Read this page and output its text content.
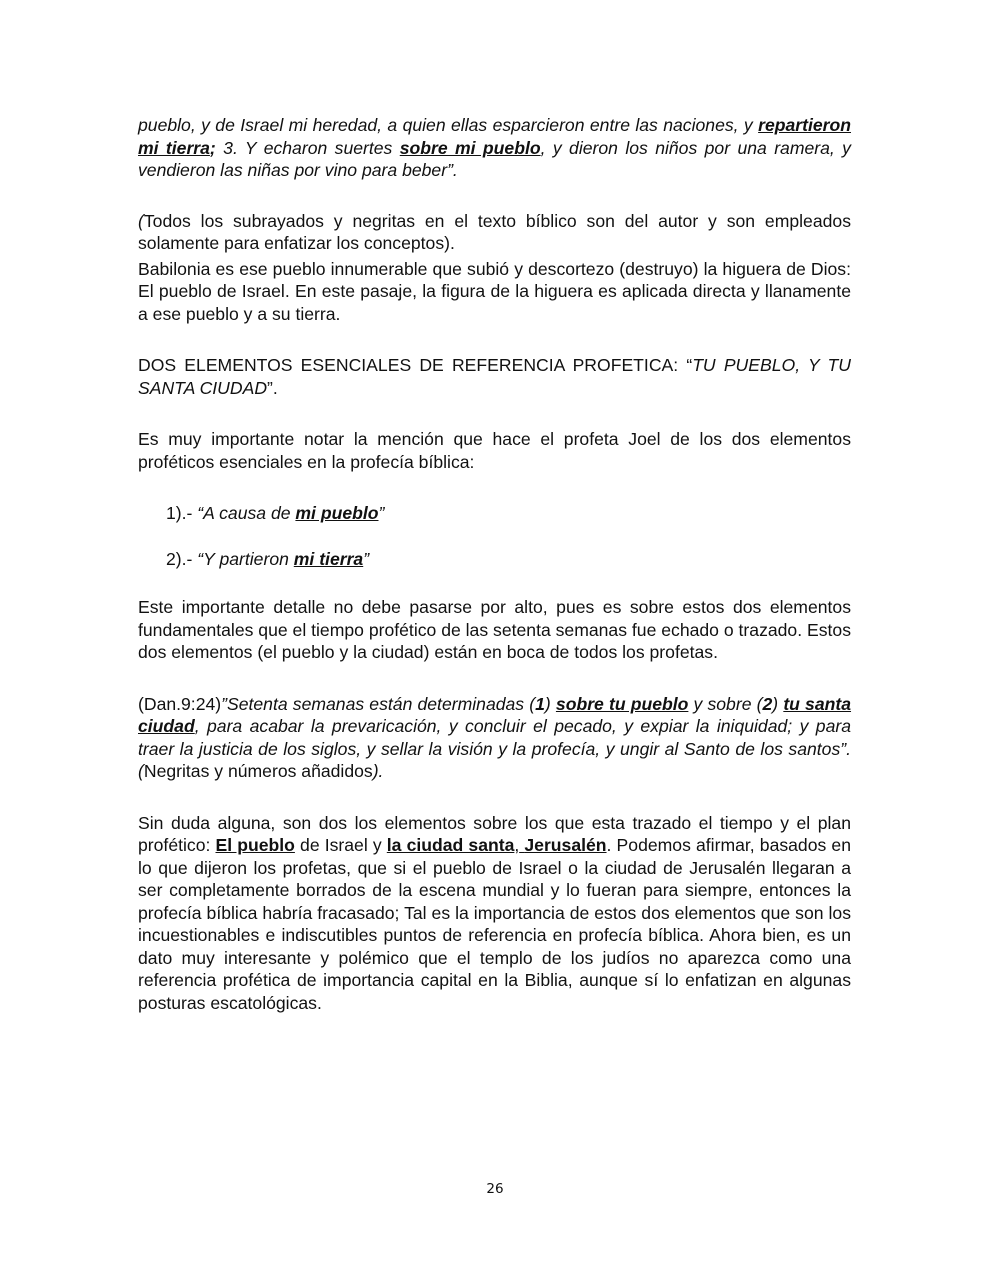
pueblo, y de Israel mi heredad, a quien ellas esparcieron entre las naciones, y repartieron mi tierra; 3. Y echaron suertes sobre mi pueblo, y dieron los niños por una ramera, y vendieron las niñas por vino para beber”.

(Todos los subrayados y negritas en el texto bíblico son del autor y son empleados solamente para enfatizar los conceptos).

Babilonia es ese pueblo innumerable que subió y descortezo (destruyo) la higuera de Dios: El pueblo de Israel. En este pasaje, la figura de la higuera es aplicada directa y llanamente a ese pueblo y a su tierra.

DOS ELEMENTOS ESENCIALES DE REFERENCIA PROFETICA: “TU PUEBLO, Y TU SANTA CIUDAD”.

Es muy importante notar la mención que hace el profeta Joel de los dos elementos proféticos esenciales en la profecía bíblica:

1).- “A causa de mi pueblo”

2).- “Y partieron mi tierra”

Este importante detalle no debe pasarse por alto, pues es sobre estos dos elementos fundamentales que el tiempo profético de las setenta semanas fue echado o trazado. Estos dos elementos (el pueblo y la ciudad) están en boca de todos los profetas.

(Dan.9:24)”Setenta semanas están determinadas (1) sobre tu pueblo y sobre (2) tu santa ciudad, para acabar la prevaricación, y concluir el pecado, y expiar la iniquidad; y para traer la justicia de los siglos, y sellar la visión y la profecía, y ungir al Santo de los santos”. (Negritas y números añadidos).

Sin duda alguna, son dos los elementos sobre los que esta trazado el tiempo y el plan profético: El pueblo de Israel y la ciudad santa, Jerusalén. Podemos afirmar, basados en lo que dijeron los profetas, que si el pueblo de Israel o la ciudad de Jerusalén llegaran a ser completamente borrados de la escena mundial y lo fueran para siempre, entonces la profecía bíblica habría fracasado; Tal es la importancia de estos dos elementos que son los incuestionables e indiscutibles puntos de referencia en profecía bíblica. Ahora bien, es un dato muy interesante y polémico que el templo de los judíos no aparezca como una referencia profética de importancia capital en la Biblia, aunque sí lo enfatizan en algunas posturas escatológicas.

26
